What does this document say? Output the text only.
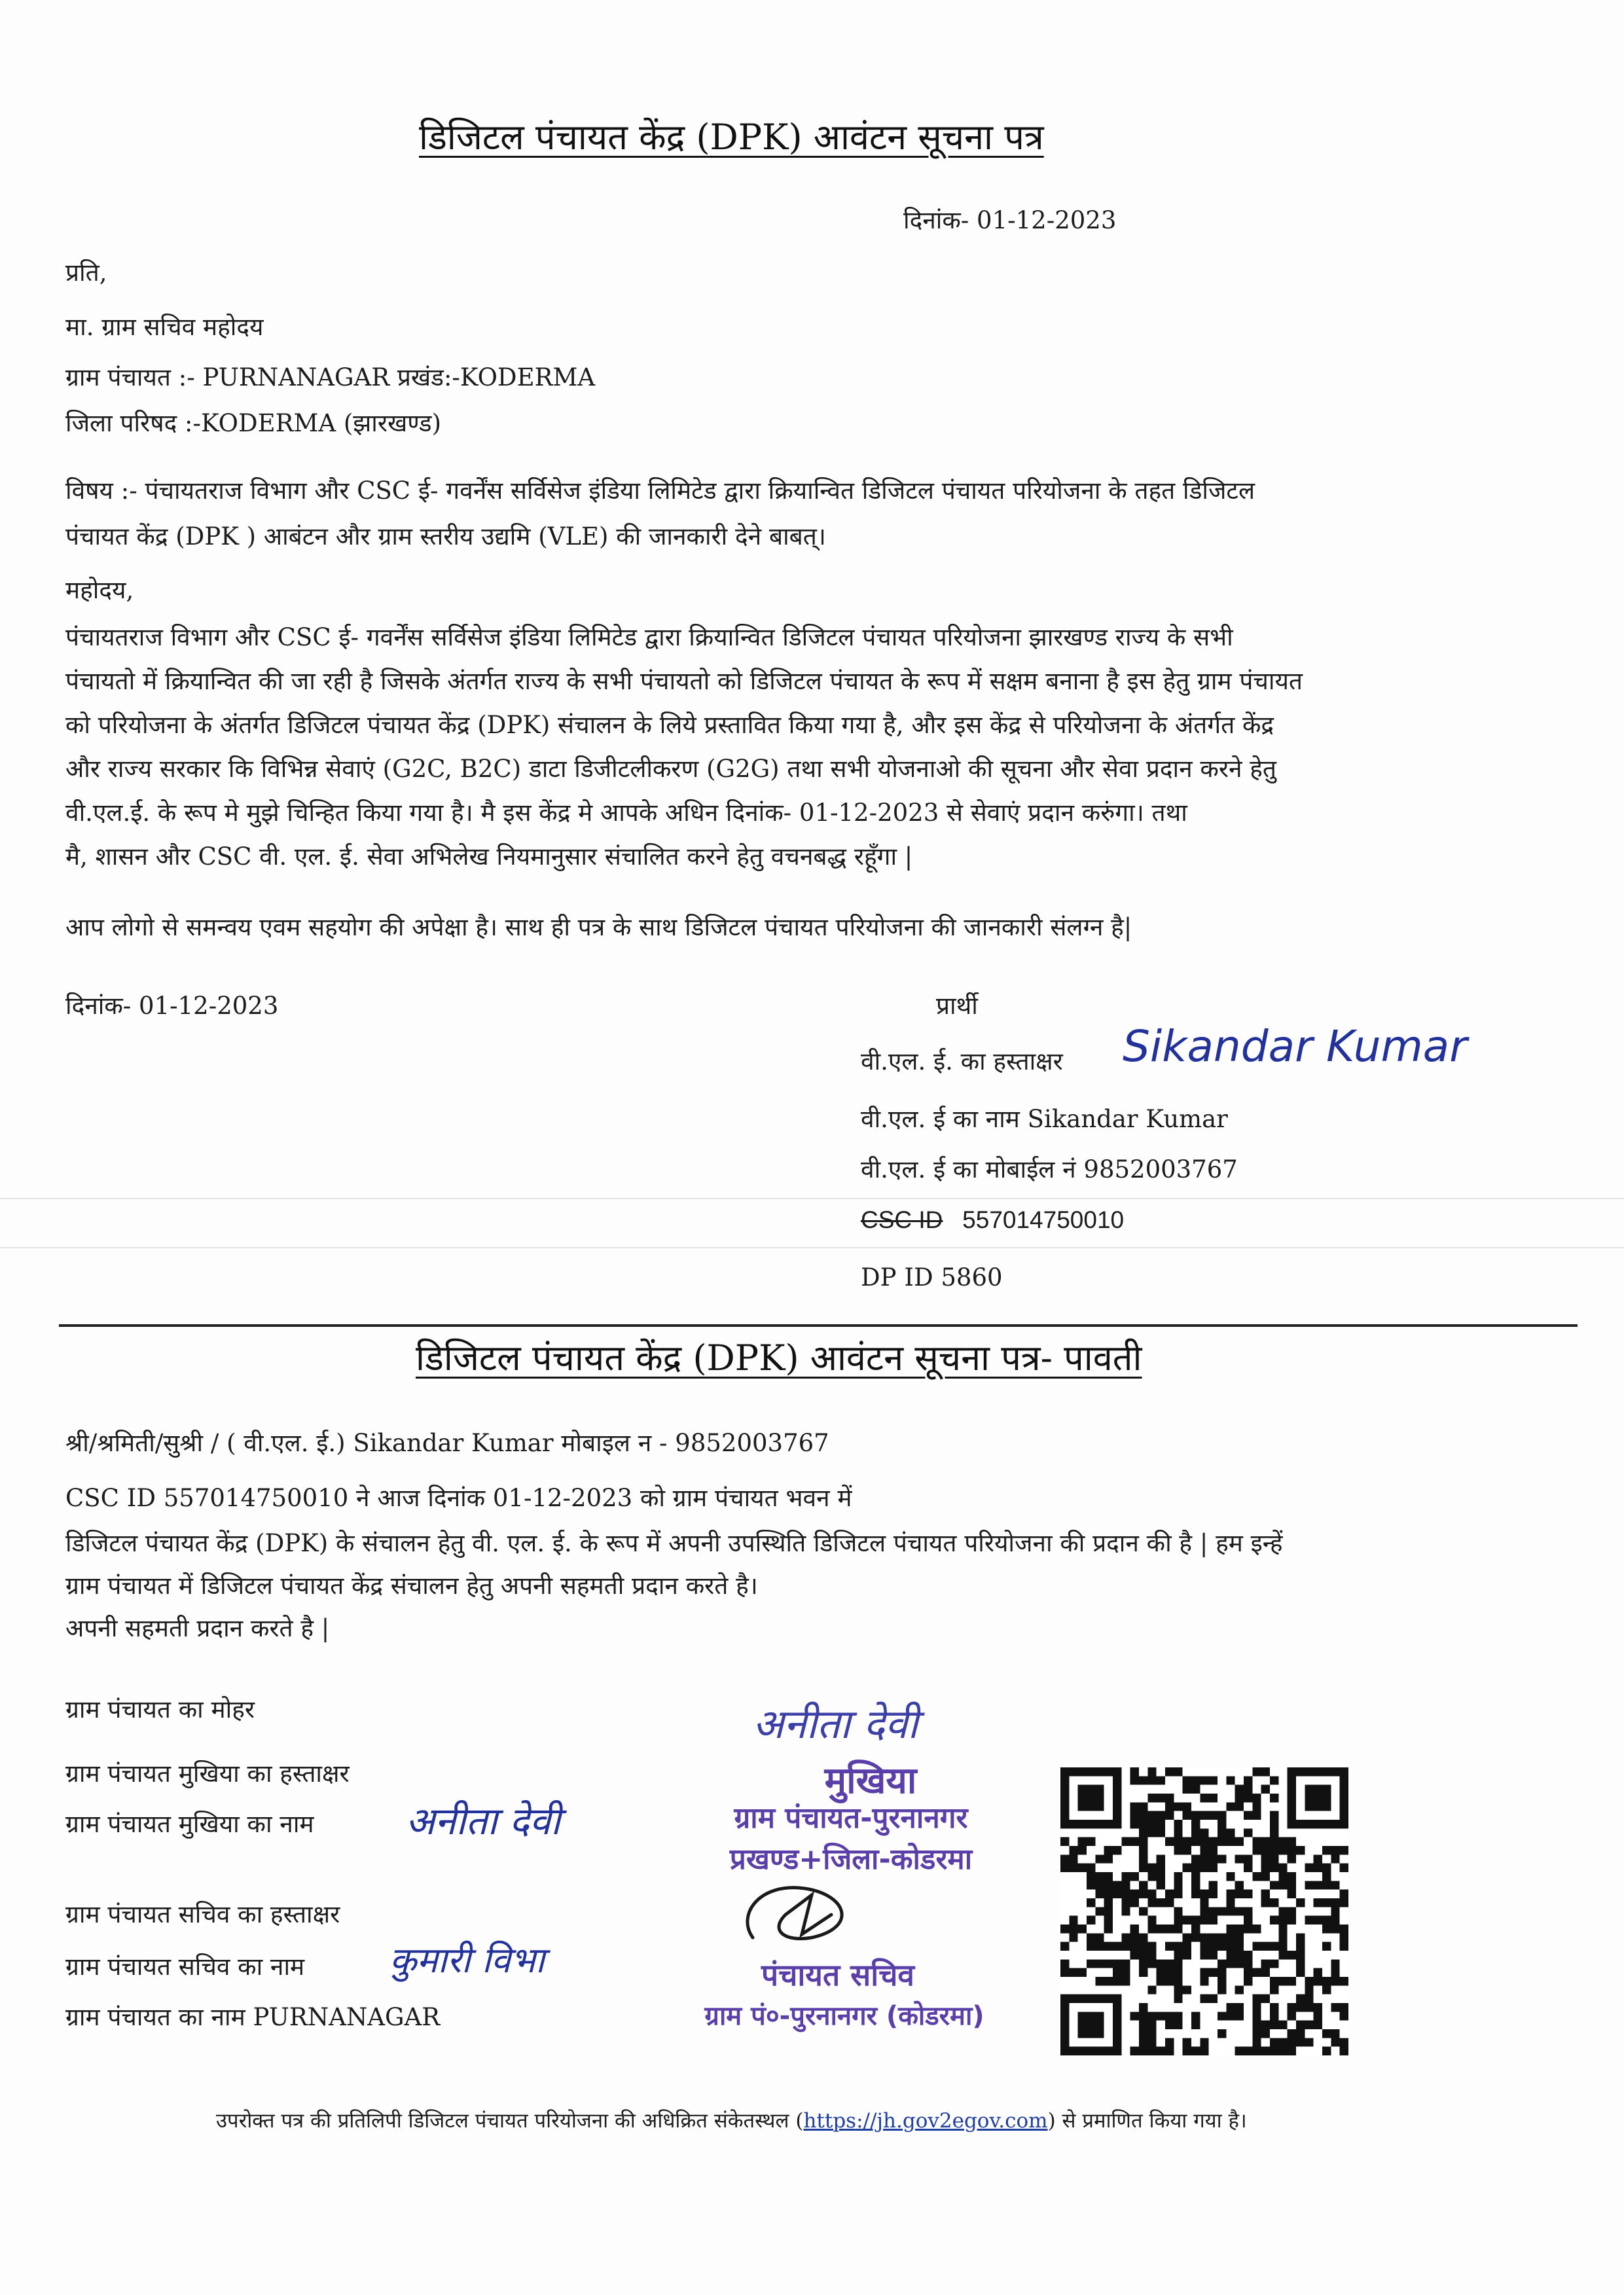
डिजिटल पंचायत केंद्र (DPK) आवंटन सूचना पत्र
दिनांक- 01-12-2023
प्रति,
मा. ग्राम सचिव महोदय
ग्राम पंचायत :- PURNANAGAR प्रखंड:-KODERMA
जिला परिषद :-KODERMA (झारखण्ड)
विषय :- पंचायतराज विभाग और CSC ई- गवर्नेंस सर्विसेज इंडिया लिमिटेड द्वारा क्रियान्वित डिजिटल पंचायत परियोजना के तहत डिजिटल
पंचायत केंद्र (DPK ) आबंटन और ग्राम स्तरीय उद्यमि (VLE) की जानकारी देने बाबत्।
महोदय,
पंचायतराज विभाग और CSC ई- गवर्नेंस सर्विसेज इंडिया लिमिटेड द्वारा क्रियान्वित डिजिटल पंचायत परियोजना झारखण्ड राज्य के सभी
पंचायतो में क्रियान्वित की जा रही है जिसके अंतर्गत राज्य के सभी पंचायतो को डिजिटल पंचायत के रूप में सक्षम बनाना है इस हेतु ग्राम पंचायत
को परियोजना के अंतर्गत डिजिटल पंचायत केंद्र (DPK) संचालन के लिये प्रस्तावित किया गया है, और इस केंद्र से परियोजना के अंतर्गत केंद्र
और राज्य सरकार कि विभिन्न सेवाएं (G2C, B2C) डाटा डिजीटलीकरण (G2G) तथा सभी योजनाओ की सूचना और सेवा प्रदान करने हेतु
वी.एल.ई. के रूप मे मुझे चिन्हित किया गया है। मै इस केंद्र मे आपके अधिन दिनांक- 01-12-2023 से सेवाएं प्रदान करुंगा। तथा
मै, शासन और CSC वी. एल. ई. सेवा अभिलेख नियमानुसार संचालित करने हेतु वचनबद्ध रहूँगा |
आप लोगो से समन्वय एवम सहयोग की अपेक्षा है। साथ ही पत्र के साथ डिजिटल पंचायत परियोजना की जानकारी संलग्न है|
दिनांक- 01-12-2023	प्रार्थी
वी.एल. ई. का हस्ताक्षर Sikandar Kumar
वी.एल. ई का नाम Sikandar Kumar
वी.एल. ई का मोबाईल नं 9852003767
CSC ID 557014750010
DP ID 5860
डिजिटल पंचायत केंद्र (DPK) आवंटन सूचना पत्र- पावती
श्री/श्रमिती/सुश्री / ( वी.एल. ई.) Sikandar Kumar मोबाइल न - 9852003767
CSC ID 557014750010 ने आज दिनांक 01-12-2023 को ग्राम पंचायत भवन में
डिजिटल पंचायत केंद्र (DPK) के संचालन हेतु वी. एल. ई. के रूप में अपनी उपस्थिति डिजिटल पंचायत परियोजना की प्रदान की है | हम इन्हें
ग्राम पंचायत में डिजिटल पंचायत केंद्र संचालन हेतु अपनी सहमती प्रदान करते है।
अपनी सहमती प्रदान करते है |
ग्राम पंचायत का मोहर
ग्राम पंचायत मुखिया का हस्ताक्षर
ग्राम पंचायत मुखिया का नाम अनीता देवी
ग्राम पंचायत सचिव का हस्ताक्षर
ग्राम पंचायत सचिव का नाम कुमारी विभा
ग्राम पंचायत का नाम PURNANAGAR
अनीता देवी
मुखिया
ग्राम पंचायत-पुरनानगर
प्रखण्ड+जिला-कोडरमा
पंचायत सचिव
ग्राम पं०-पुरनानगर (कोडरमा)
उपरोक्त पत्र की प्रतिलिपी डिजिटल पंचायत परियोजना की अधिक्रित संकेतस्थल (https://jh.gov2egov.com) से प्रमाणित किया गया है।
